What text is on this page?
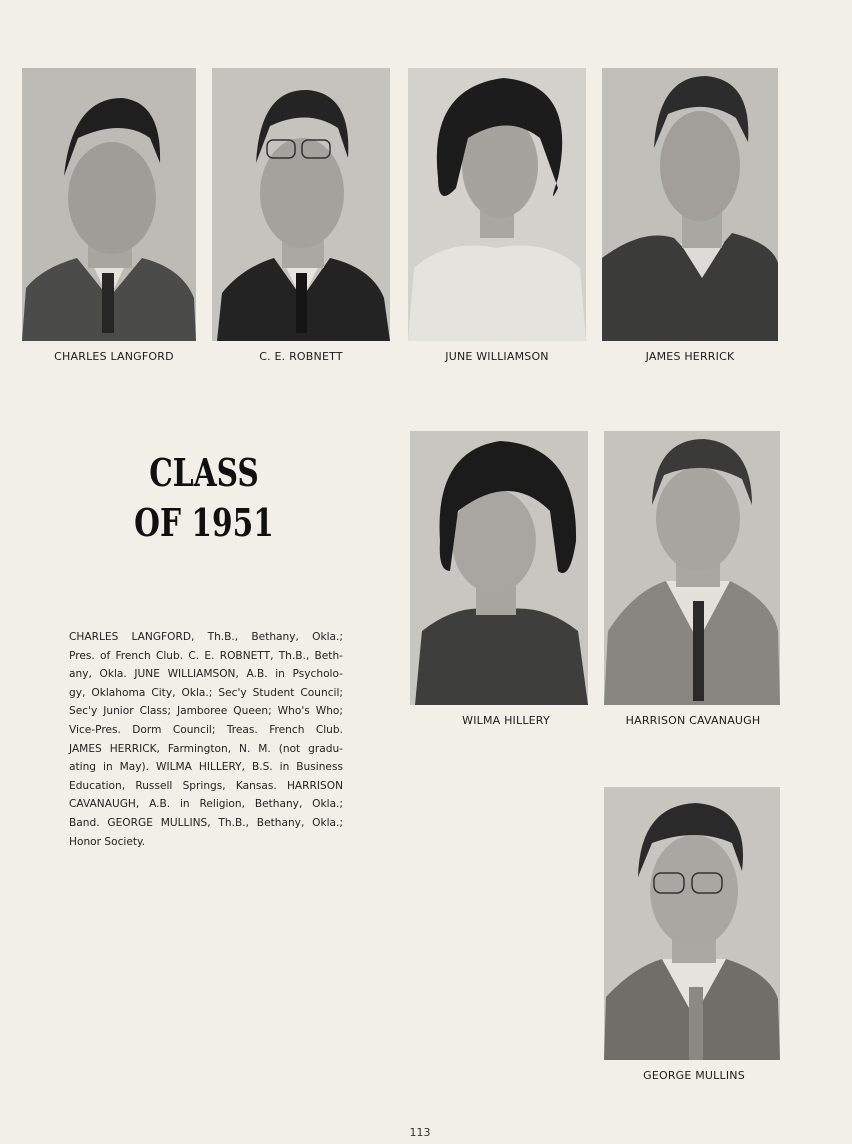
CHARLES LANGFORD	C. E. ROBNETT	JUNE WILLIAMSON	JAMES HERRICK
CLASS
OF 1951
WILMA HILLERY	HARRISON CAVANAUGH
CHARLES LANGFORD, Th.B., Bethany, Okla.;
Pres. of French Club. C. E. ROBNETT, Th.B., Beth-
any, Okla. JUNE WILLIAMSON, A.B. in Psycholo-
gy, Oklahoma City, Okla.; Sec'y Student Council;
Sec'y Junior Class; Jamboree Queen; Who's Who;
Vice-Pres. Dorm Council; Treas. French Club.
JAMES HERRICK, Farmington, N. M. (not gradu-
ating in May). WILMA HILLERY, B.S. in Business
Education, Russell Springs, Kansas. HARRISON
CAVANAUGH, A.B. in Religion, Bethany, Okla.;
Band. GEORGE MULLINS, Th.B., Bethany, Okla.;
Honor Society.
GEORGE MULLINS
113
